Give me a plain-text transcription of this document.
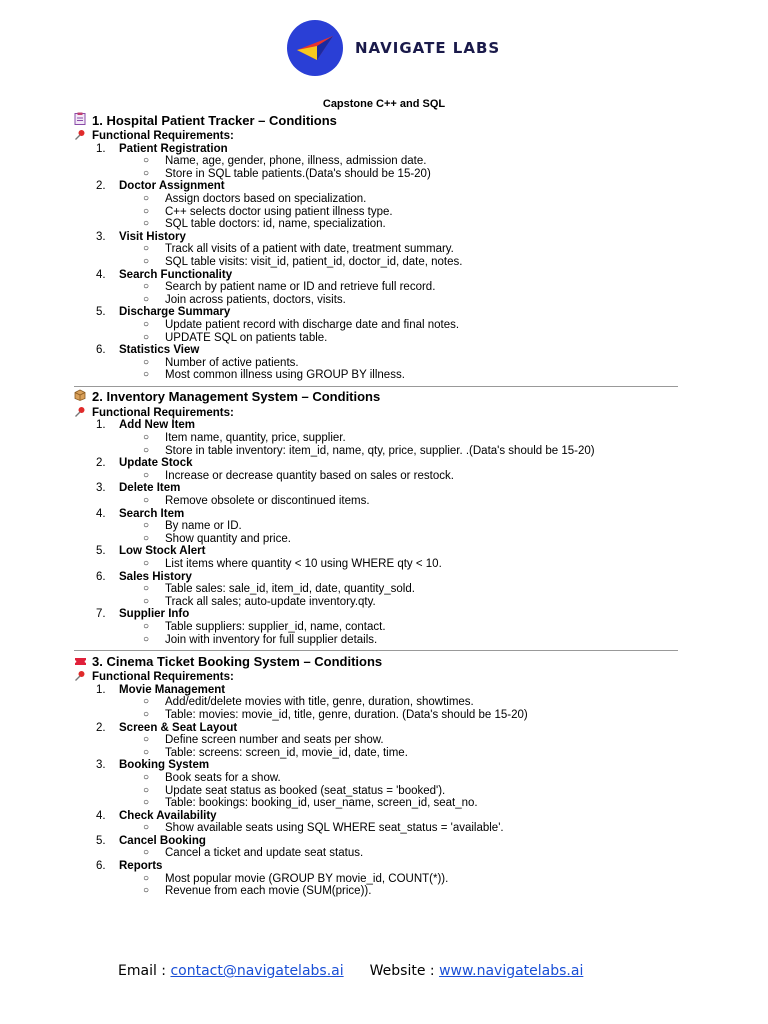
NAVIGATE LABS
Capstone C++ and SQL
1. Hospital Patient Tracker – Conditions
Functional Requirements:
1. Patient Registration
○ Name, age, gender, phone, illness, admission date.
○ Store in SQL table patients.(Data's should be 15-20)
2. Doctor Assignment
○ Assign doctors based on specialization.
○ C++ selects doctor using patient illness type.
○ SQL table doctors: id, name, specialization.
3. Visit History
○ Track all visits of a patient with date, treatment summary.
○ SQL table visits: visit_id, patient_id, doctor_id, date, notes.
4. Search Functionality
○ Search by patient name or ID and retrieve full record.
○ Join across patients, doctors, visits.
5. Discharge Summary
○ Update patient record with discharge date and final notes.
○ UPDATE SQL on patients table.
6. Statistics View
○ Number of active patients.
○ Most common illness using GROUP BY illness.
2. Inventory Management System – Conditions
Functional Requirements:
1. Add New Item
○ Item name, quantity, price, supplier.
○ Store in table inventory: item_id, name, qty, price, supplier. .(Data's should be 15-20)
2. Update Stock
○ Increase or decrease quantity based on sales or restock.
3. Delete Item
○ Remove obsolete or discontinued items.
4. Search Item
○ By name or ID.
○ Show quantity and price.
5. Low Stock Alert
○ List items where quantity < 10 using WHERE qty < 10.
6. Sales History
○ Table sales: sale_id, item_id, date, quantity_sold.
○ Track all sales; auto-update inventory.qty.
7. Supplier Info
○ Table suppliers: supplier_id, name, contact.
○ Join with inventory for full supplier details.
3. Cinema Ticket Booking System – Conditions
Functional Requirements:
1. Movie Management
○ Add/edit/delete movies with title, genre, duration, showtimes.
○ Table: movies: movie_id, title, genre, duration. (Data's should be 15-20)
2. Screen & Seat Layout
○ Define screen number and seats per show.
○ Table: screens: screen_id, movie_id, date, time.
3. Booking System
○ Book seats for a show.
○ Update seat status as booked (seat_status = 'booked').
○ Table: bookings: booking_id, user_name, screen_id, seat_no.
4. Check Availability
○ Show available seats using SQL WHERE seat_status = 'available'.
5. Cancel Booking
○ Cancel a ticket and update seat status.
6. Reports
○ Most popular movie (GROUP BY movie_id, COUNT(*)).
○ Revenue from each movie (SUM(price)).
Email : contact@navigatelabs.ai Website : www.navigatelabs.ai
